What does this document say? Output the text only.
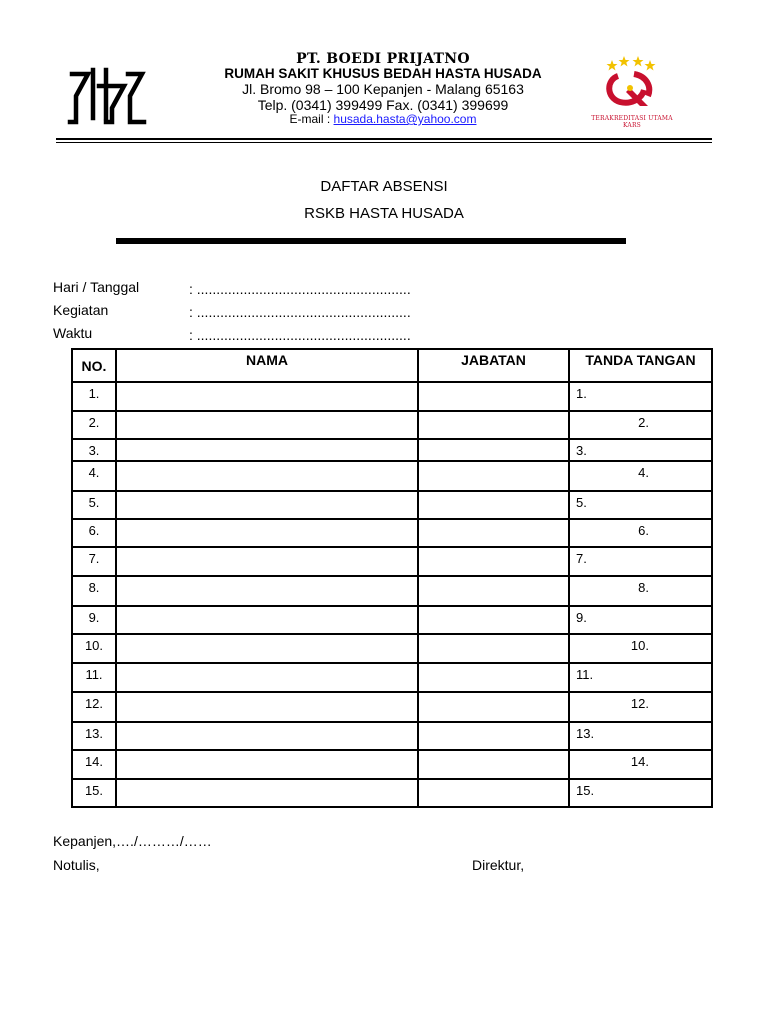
TERAKREDITASI UTAMA
KARS
PT. BOEDI PRIJATNO
RUMAH SAKIT KHUSUS BEDAH HASTA HUSADA
Jl. Bromo 98 – 100 Kepanjen - Malang 65163
Telp. (0341) 399499 Fax. (0341) 399699
E-mail : husada.hasta@yahoo.com
DAFTAR ABSENSI
RSKB HASTA HUSADA
Hari / Tanggal	: .......................................................
Kegiatan	: .......................................................
Waktu	: .......................................................
NO.	NAMA	JABATAN	TANDA TANGAN
1.			1.
2.			2.
3.			3.
4.			4.
5.			5.
6.			6.
7.			7.
8.			8.
9.			9.
10.			10.
11.			11.
12.			12.
13.			13.
14.			14.
15.			15.
Kepanjen,…./………/……
Notulis,	Direktur,
